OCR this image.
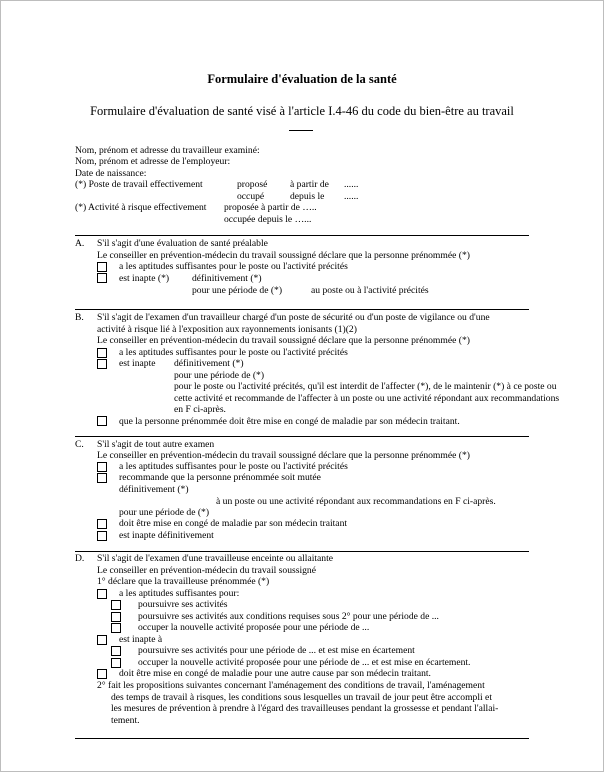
Formulaire d'évaluation de la santé
Formulaire d'évaluation de santé visé à l'article I.4-46 du code du bien-être au travail
Nom, prénom et adresse du travailleur examiné:
Nom, prénom et adresse de l'employeur:
Date de naissance:
(*) Poste de travail effectivement	proposé à partir de ......
occupé	depuis le ......
(*) Activité à risque effectivement proposée à partir de …..
occupée depuis le …...
A. S'il s'agit d'une évaluation de santé préalable
Le conseiller en prévention-médecin du travail soussigné déclare que la personne prénommée (*)
a les aptitudes suffisantes pour le poste ou l'activité précités
est inapte (*) définitivement (*)
pour une période de (*)	au poste ou à l'activité précités
B. S'il s'agit de l'examen d'un travailleur chargé d'un poste de sécurité ou d'un poste de vigilance ou d'une
activité à risque lié à l'exposition aux rayonnements ionisants (1)(2)
Le conseiller en prévention-médecin du travail soussigné déclare que la personne prénommée (*)
a les aptitudes suffisantes pour le poste ou l'activité précités
est inapte définitivement (*)
pour une période de (*)
pour le poste ou l'activité précités, qu'il est interdit de l'affecter (*), de le maintenir (*) à ce poste ou
cette activité et recommande de l'affecter à un poste ou une activité répondant aux recommandations
en F ci-après.
que la personne prénommée doit être mise en congé de maladie par son médecin traitant.
C. S'il s'agit de tout autre examen
Le conseiller en prévention-médecin du travail soussigné déclare que la personne prénommée (*)
a les aptitudes suffisantes pour le poste ou l'activité précités
recommande que la personne prénommée soit mutée
définitivement (*)
à un poste ou une activité répondant aux recommandations en F ci-après.
pour une période de (*)
doit être mise en congé de maladie par son médecin traitant
est inapte définitivement
D. S'il s'agit de l'examen d'une travailleuse enceinte ou allaitante
Le conseiller en prévention-médecin du travail soussigné
1° déclare que la travailleuse prénommée (*)
a les aptitudes suffisantes pour:
poursuivre ses activités
poursuivre ses activités aux conditions requises sous 2° pour une période de ...
occuper la nouvelle activité proposée pour une période de ...
est inapte à
poursuivre ses activités pour une période de ... et est mise en écartement
occuper la nouvelle activité proposée pour une période de ... et est mise en écartement.
doit être mise en congé de maladie pour une autre cause par son médecin traitant.
2° fait les propositions suivantes concernant l'aménagement des conditions de travail, l'aménagement
des temps de travail à risques, les conditions sous lesquelles un travail de jour peut être accompli et
les mesures de prévention à prendre à l'égard des travailleuses pendant la grossesse et pendant l'allai-
tement.
